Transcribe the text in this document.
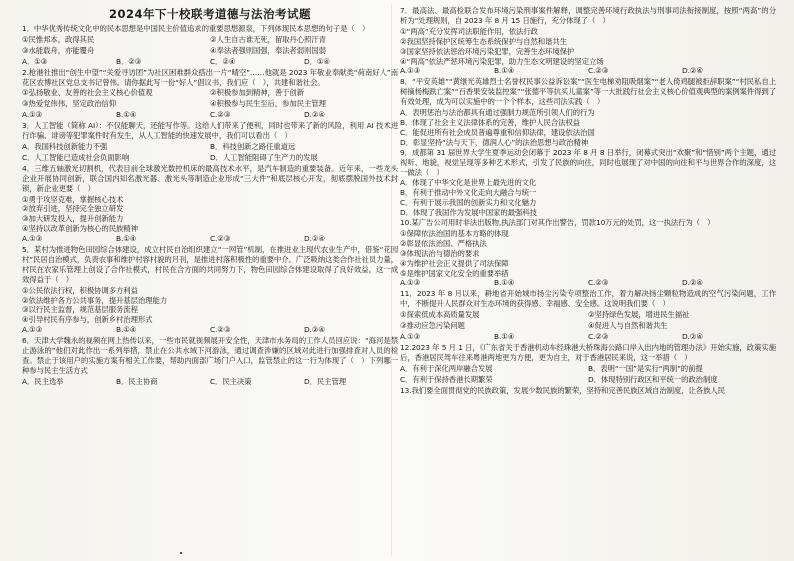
2024年下十校联考道德与法治考试题

1．中华优秀传统文化中的民本思想是中国民主价值追求的重要思想源泉，下列体现民本思想的句子是（　）

①民惟邦本，政得其民	②人生自古谁无死，留取丹心照汗青
③水能载舟，亦能覆舟	④奉法者强则国强，奉法者弱则国弱
A．①③	B．②③	C．②④	D．①④

2.枪港社推出“创生中望”“关爱寻访团”为社区困难群众搭出一片“晴空”……他就是 2023 年敬业奉献类“荷南好人”南花区农博社区党总支书记曾伟。请你据此写一份“好人”倡议书，我们应（　），共建和谐社会。

①弘扬敬业、友善的社会主义核心价值观	②积极参加到精神，善于创新
③热爱党伟伟，坚定政治信仰	④积极参与民生至后，参加民主管理
A.①③	B.①④	C.②③	D.②④

3．人工智能（简称 AI）：不仅能聊天，还能写作等。这给人们带来了便利，同时也带来了新的风险，利用 AI 技术进行诈骗、诽谤等犯罪案件时有发生，从人工智能的快速发展中，我们可以看出（　）

A．我国科技创新能力不强	B．科技创新之路任重道远
C．人工智能已造成社会负面影响	D．人工智能阻碍了生产力的发展

4．三维五轴激光切割机，代表目前全球激光数控机床的最高技术水平，是汽车制造的重要装备。近年来，一些龙头企业开展协同创新，联合国内知名激光器、激光头等制造企业形成“三大件”和底层核心开发，彻底摆脱国外技术封锁，新企业更要（　）

①勇于攻坚克难，掌握核心技术

②放弃引进，坚持完全独立研发

③加大研发投入，提升创新能力

④坚持以改革创新为核心的民族精神

A.①③	B.①④	C.②③	D.②④

5．某村为推进物色田园综合体建设，成立村民自治组织建立“一网管”机制，在推进业主现代农业生产中，借鉴“花园村”民居自治模式，负责农事和维护村容村貌的月刊，是推进村落积极性的重要中介。广泛吸纳这类合作社社员力量，村民在农家乐管理上创设了合作社模式，村民在合方面的共同努力下，物色田园综合体建设取得了良好效益，这一成效得益于（　）

①公民依法行权，积极协调多方利益

②依法维护各方公共事务，提升基层治理能力

③以行民主监督，规范基层服务流程

④引导村民有序参与，创新乡村治理形式

A.①③	B.①④	C.②③	D.②④

6．天津大学魏永的视频在网上热传以来，一些市民就视频展开安全性，天津市水务局的工作人员回应说：“海河是禁止游泳的”他们对此作出一系列举措，禁止在公共水域下河游泳，通过调查涉嫌的区域对此进行加强排查对人员的检查。禁止于该用户的实施方案有相关工作要，帮助内面部广场门户入口，监管禁止的这一行为体现了（　）下列哪一种参与民主生活方式

A．民主选举	B．民主协商	C．民主决策	D．民主管理

7．最高法、最高检联合发布环境污染刑事案件解释，调整完善环境行政执法与刑事司法衔接制度，按照“两高”的分析为“处理规则，自 2023 年 8 月 15 日施行，充分体现了（　）

①“两高”充分发挥司法职能作用，依法行政

②我国坚持保护区统筹生态系统保护与自然和谐共生

③国家坚持依法惩治环境污染犯罪，完善生态环境保护

④“两高”依法严惩环境污染犯罪，助力生态文明建设的坚定立场

A.①③	B.①④	C.②③	D.②④

8．“平安英雄”“黄继光英雄烈士名誉权民事公益诉讼案”“医生电梯劝阻吸烟案”“老人倚鸡腿被拒辞职案”“村民私自上树摘杨梅跌亡案”“百香果安装监控案”“张德平等抗买儿童案”等一大批践行社会主义核心价值观典型的案例案件得到了有效处理，成为可以实施中的一个个样本，这些司法实践（　）

A．表明惩治与法治都具有通过强制力规范所引领人们的行为

B．体现了社会主义法律体系的完善，维护人民合法权益

C．能促进所有社会成员普遍尊重和信仰法律，建设依法治国

D．彰显坚持“法与天下，德润人心”的法治思想与政治精神

9．成都第 31 届世界大学生夏季运动会闭幕于 2023 年 8 月 8 日举行，闭幕式突出“欢聚”和“惜别”两个主题，通过视听、地貌，视觉呈现等多种艺术形式，引发了民族的向往，同时也展现了对中国的向往和平与世界合作的深度，这一做法（　）

A．体现了中华文化是世界上最先进的文化

B．有利于推动中外文化走向大融合与统一

C．有利于展示我国的创新实力和文化魅力

D．体现了我国作为发展中国家的最强科技

10.某广告公司用时非法出版物,执法部门对其作出警告，罚款10万元的处罚，这一执法行为（　）

①保障依法治国的基本方略的体现

②彰显依法治国、严格执法

③体现法治与德治的要求

④为维护社会正义提供了司法保障

⑤是维护国家文化安全的重要举措

A.①③	B.①④	C.②③	D.②④

11．2023 年 8 月以来，耕地省开始城市扬尘污染专项整治工作，着力解决扬尘颗粒物造成的空气污染问题，工作中，不断提升人民群众对生态环境的获得感、幸福感、安全感。这说明我们要（　）

①探索低成本高质量发展	②坚持绿色发展，增进民生福祉
③推动应急污染问题	④促进人与自然和谐共生
A.①③	B.①④	C.②③	D.②④

12.2023 年 5 月 1 日，《广东省关于香港机动车经珠港大桥珠海公路口岸入出内地的管理办法》开始实施，政策实施后，香港居民驾车往来粤港两地更为方便，更为自主，对于香港居民来说，这一举措（　）

A．有利于深化两岸融合发展	B．表明“一国”是实行“两制”的前提
C．有利于保持香港长期繁荣	D．体现特别行政区和平统一的政治制度

13.我们要全面贯彻党的民族政策，发展少数民族的繁荣，坚持和完善民族区域自治制度，让各族人民
